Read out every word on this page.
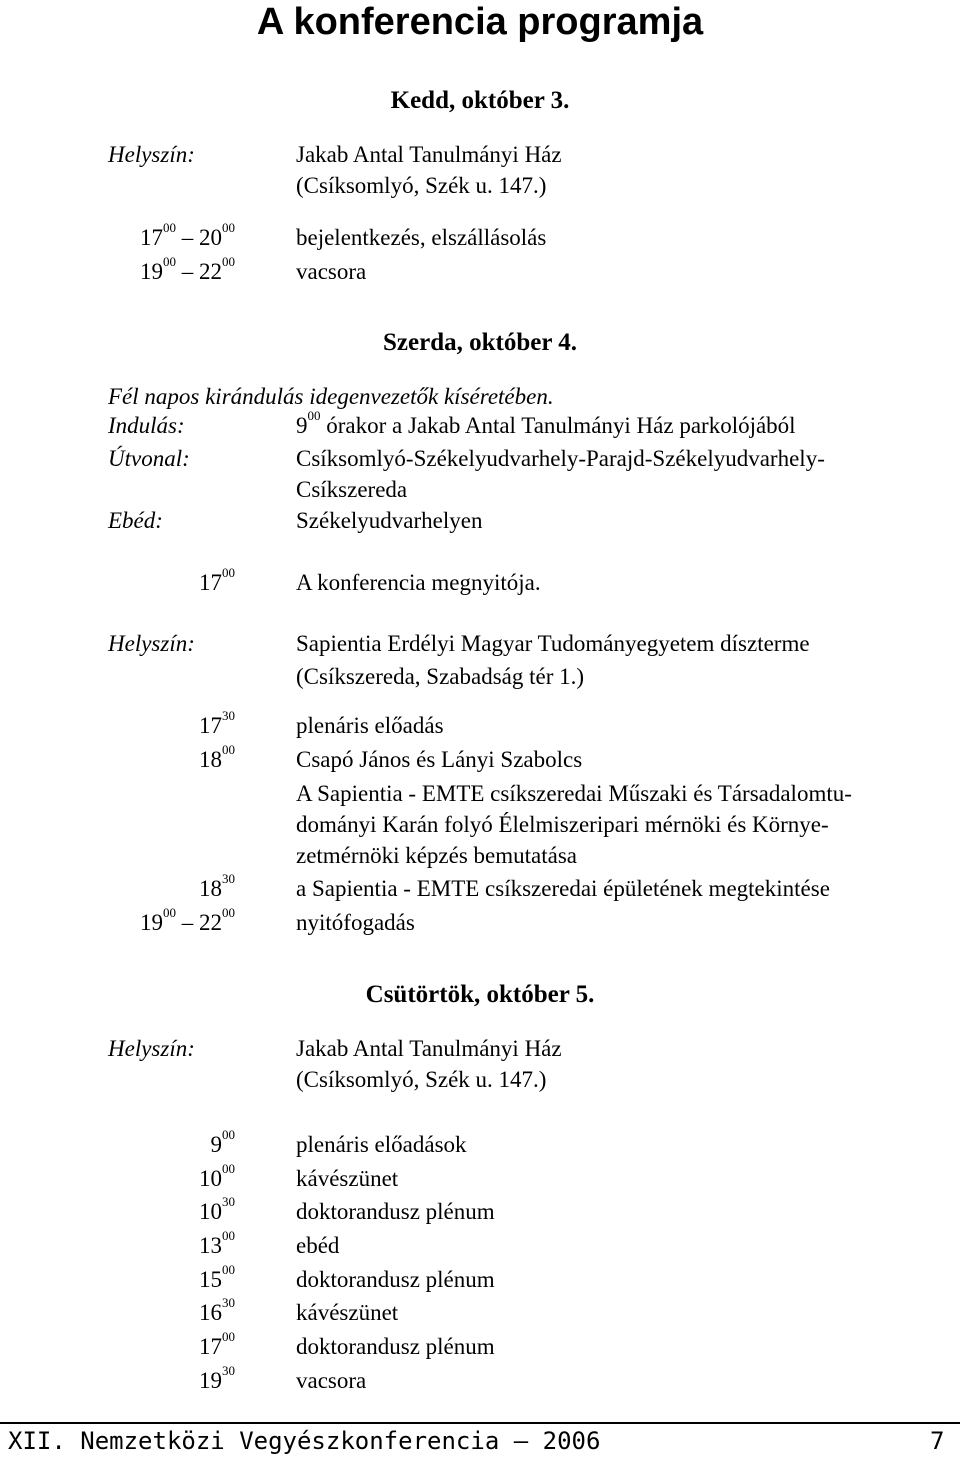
A konferencia programja
Kedd, október 3.
Helyszín:	Jakab Antal Tanulmányi Ház
(Csíksomlyó, Szék u. 147.)
$17^{00} - 20^{00}$	bejelentkezés, elszállásolás
$19^{00} - 22^{00}$	vacsora
Szerda, október 4.
Fél napos kirándulás idegenvezetők kíséretében.
Indulás:	$9^{00}$ órakor a Jakab Antal Tanulmányi Ház parkolójából
Útvonal:	Csíksomlyó-Székelyudvarhely-Parajd-Székelyudvarhely-
Csíkszereda
Ebéd:	Székelyudvarhelyen
$17^{00}$	A konferencia megnyitója.
Helyszín:	Sapientia Erdélyi Magyar Tudományegyetem díszterme
(Csíkszereda, Szabadság tér 1.)
$17^{30}$	plenáris előadás
$18^{00}$	Csapó János és Lányi Szabolcs
A Sapientia - EMTE csíkszeredai Műszaki és Társadalomtu-
dományi Karán folyó Élelmiszeripari mérnöki és Környe-
zetmérnöki képzés bemutatása
$18^{30}$	a Sapientia - EMTE csíkszeredai épületének megtekintése
$19^{00} - 22^{00}$	nyitófogadás
Csütörtök, október 5.
Helyszín:	Jakab Antal Tanulmányi Ház
(Csíksomlyó, Szék u. 147.)
$9^{00}$	plenáris előadások
$10^{00}$	kávészünet
$10^{30}$	doktorandusz plénum
$13^{00}$	ebéd
$15^{00}$	doktorandusz plénum
$16^{30}$	kávészünet
$17^{00}$	doktorandusz plénum
$19^{30}$	vacsora
XII. Nemzetközi Vegyészkonferencia – 2006	7
